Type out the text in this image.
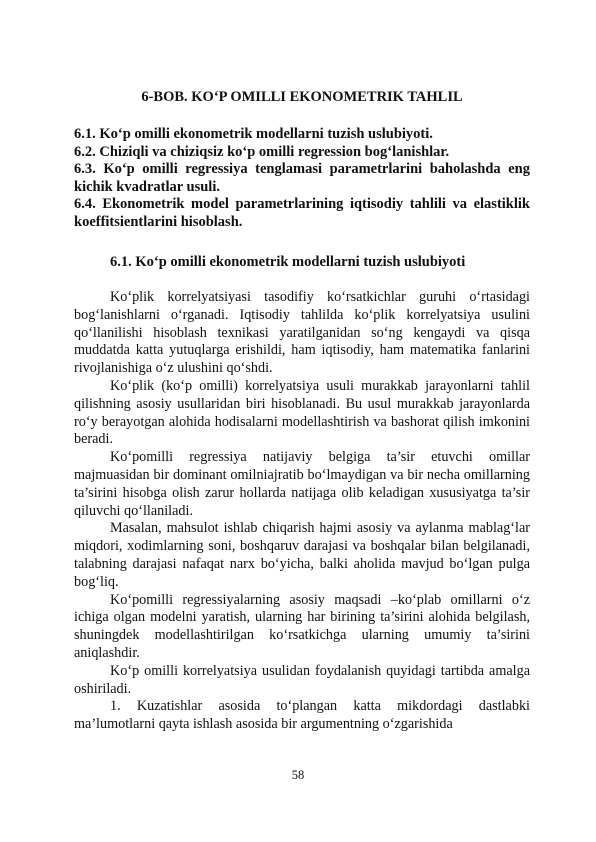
6-BOB. KO‘P OMILLI EKONOMETRIK TAHLIL
6.1. Ko‘p omilli ekonometrik modellarni tuzish uslubiyoti.
6.2. Chiziqli va chiziqsiz ko‘p omilli regression bog‘lanishlar.
6.3. Ko‘p omilli regressiya tenglamasi parametrlarini baholashda eng kichik kvadratlar usuli.
6.4. Ekonometrik model parametrlarining iqtisodiy tahlili va elastiklik koeffitsientlarini hisoblash.
6.1. Ko‘p omilli ekonometrik modellarni tuzish uslubiyoti

Ko‘plik korrelyatsiyasi tasodifiy ko‘rsatkichlar guruhi o‘rtasidagi bog‘lanishlarni o‘rganadi. Iqtisodiy tahlilda ko‘plik korrelyatsiya usulini qo‘llanilishi hisoblash texnikasi yaratilganidan so‘ng kengaydi va qisqa muddatda katta yutuqlarga erishildi, ham iqtisodiy, ham matematika fanlarini rivojlanishiga o‘z ulushini qo‘shdi.

Ko‘plik (ko‘p omilli) korrelyatsiya usuli murakkab jarayonlarni tahlil qilishning asosiy usullaridan biri hisoblanadi. Bu usul murakkab jarayonlarda ro‘y berayotgan alohida hodisalarni modellashtirish va bashorat qilish imkonini beradi.

Ko‘pomilli regressiya natijaviy belgiga ta’sir etuvchi omillar majmuasidan bir dominant omilniajratib bo‘lmaydigan va bir necha omillarning ta’sirini hisobga olish zarur hollarda natijaga olib keladigan xususiyatga ta’sir qiluvchi qo‘llaniladi.

Masalan, mahsulot ishlab chiqarish hajmi asosiy va aylanma mablag‘lar miqdori, xodimlarning soni, boshqaruv darajasi va boshqalar bilan belgilanadi, talabning darajasi nafaqat narx bo‘yicha, balki aholida mavjud bo‘lgan pulga bog‘liq.

Ko‘pomilli regressiyalarning asosiy maqsadi –ko‘plab omillarni o‘z ichiga olgan modelni yaratish, ularning har birining ta’sirini alohida belgilash, shuningdek modellashtirilgan ko‘rsatkichga ularning umumiy ta’sirini aniqlashdir.

Ko‘p omilli korrelyatsiya usulidan foydalanish quyidagi tartibda amalga oshiriladi.

1. Kuzatishlar asosida to‘plangan katta mikdordagi dastlabki ma’lumotlarni qayta ishlash asosida bir argumentning o‘zgarishida

58
